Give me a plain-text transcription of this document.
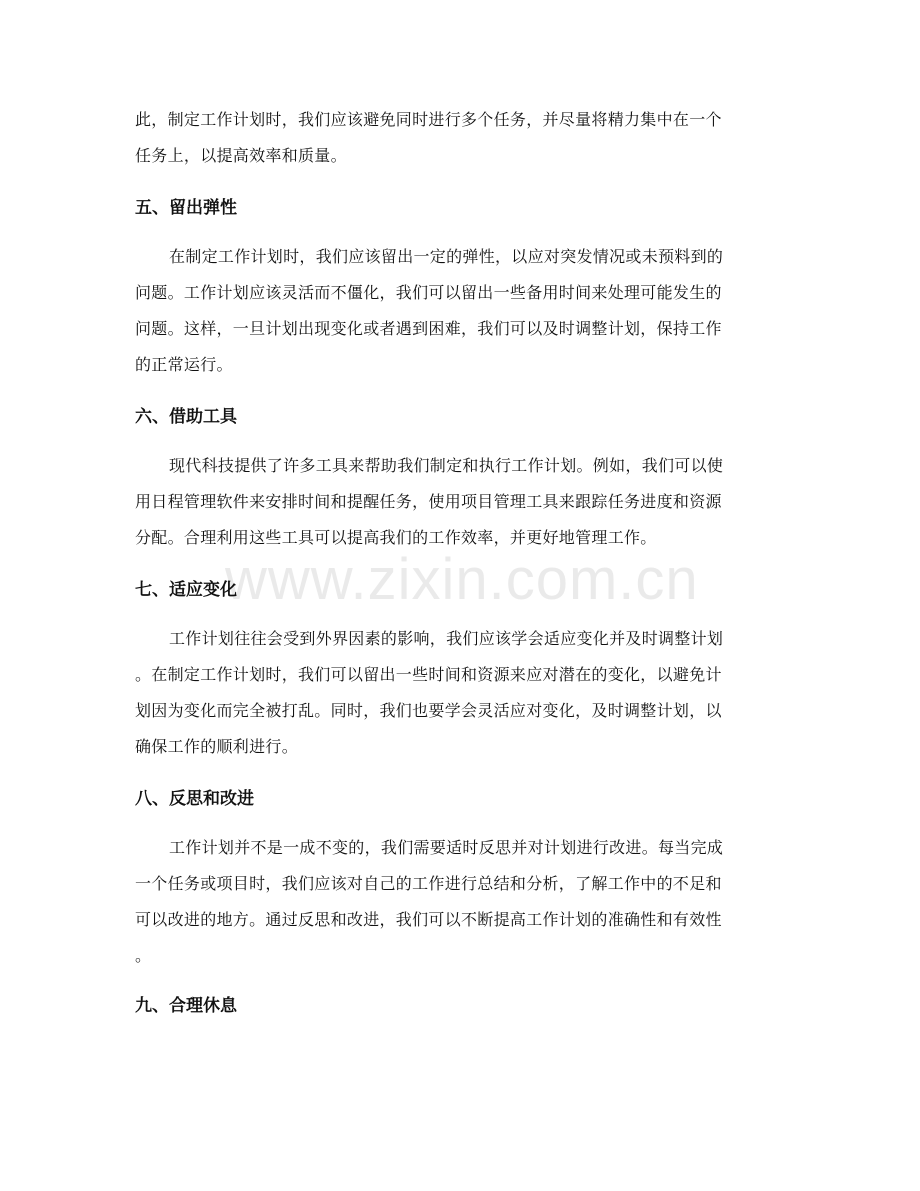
www.zixin.com.cn
此，制定工作计划时，我们应该避免同时进行多个任务，并尽量将精力集中在一个
任务上，以提高效率和质量。
五、留出弹性
在制定工作计划时，我们应该留出一定的弹性，以应对突发情况或未预料到的
问题。工作计划应该灵活而不僵化，我们可以留出一些备用时间来处理可能发生的
问题。这样，一旦计划出现变化或者遇到困难，我们可以及时调整计划，保持工作
的正常运行。
六、借助工具
现代科技提供了许多工具来帮助我们制定和执行工作计划。例如，我们可以使
用日程管理软件来安排时间和提醒任务，使用项目管理工具来跟踪任务进度和资源
分配。合理利用这些工具可以提高我们的工作效率，并更好地管理工作。
七、适应变化
工作计划往往会受到外界因素的影响，我们应该学会适应变化并及时调整计划
。在制定工作计划时，我们可以留出一些时间和资源来应对潜在的变化，以避免计
划因为变化而完全被打乱。同时，我们也要学会灵活应对变化，及时调整计划，以
确保工作的顺利进行。
八、反思和改进
工作计划并不是一成不变的，我们需要适时反思并对计划进行改进。每当完成
一个任务或项目时，我们应该对自己的工作进行总结和分析，了解工作中的不足和
可以改进的地方。通过反思和改进，我们可以不断提高工作计划的准确性和有效性
。
九、合理休息
